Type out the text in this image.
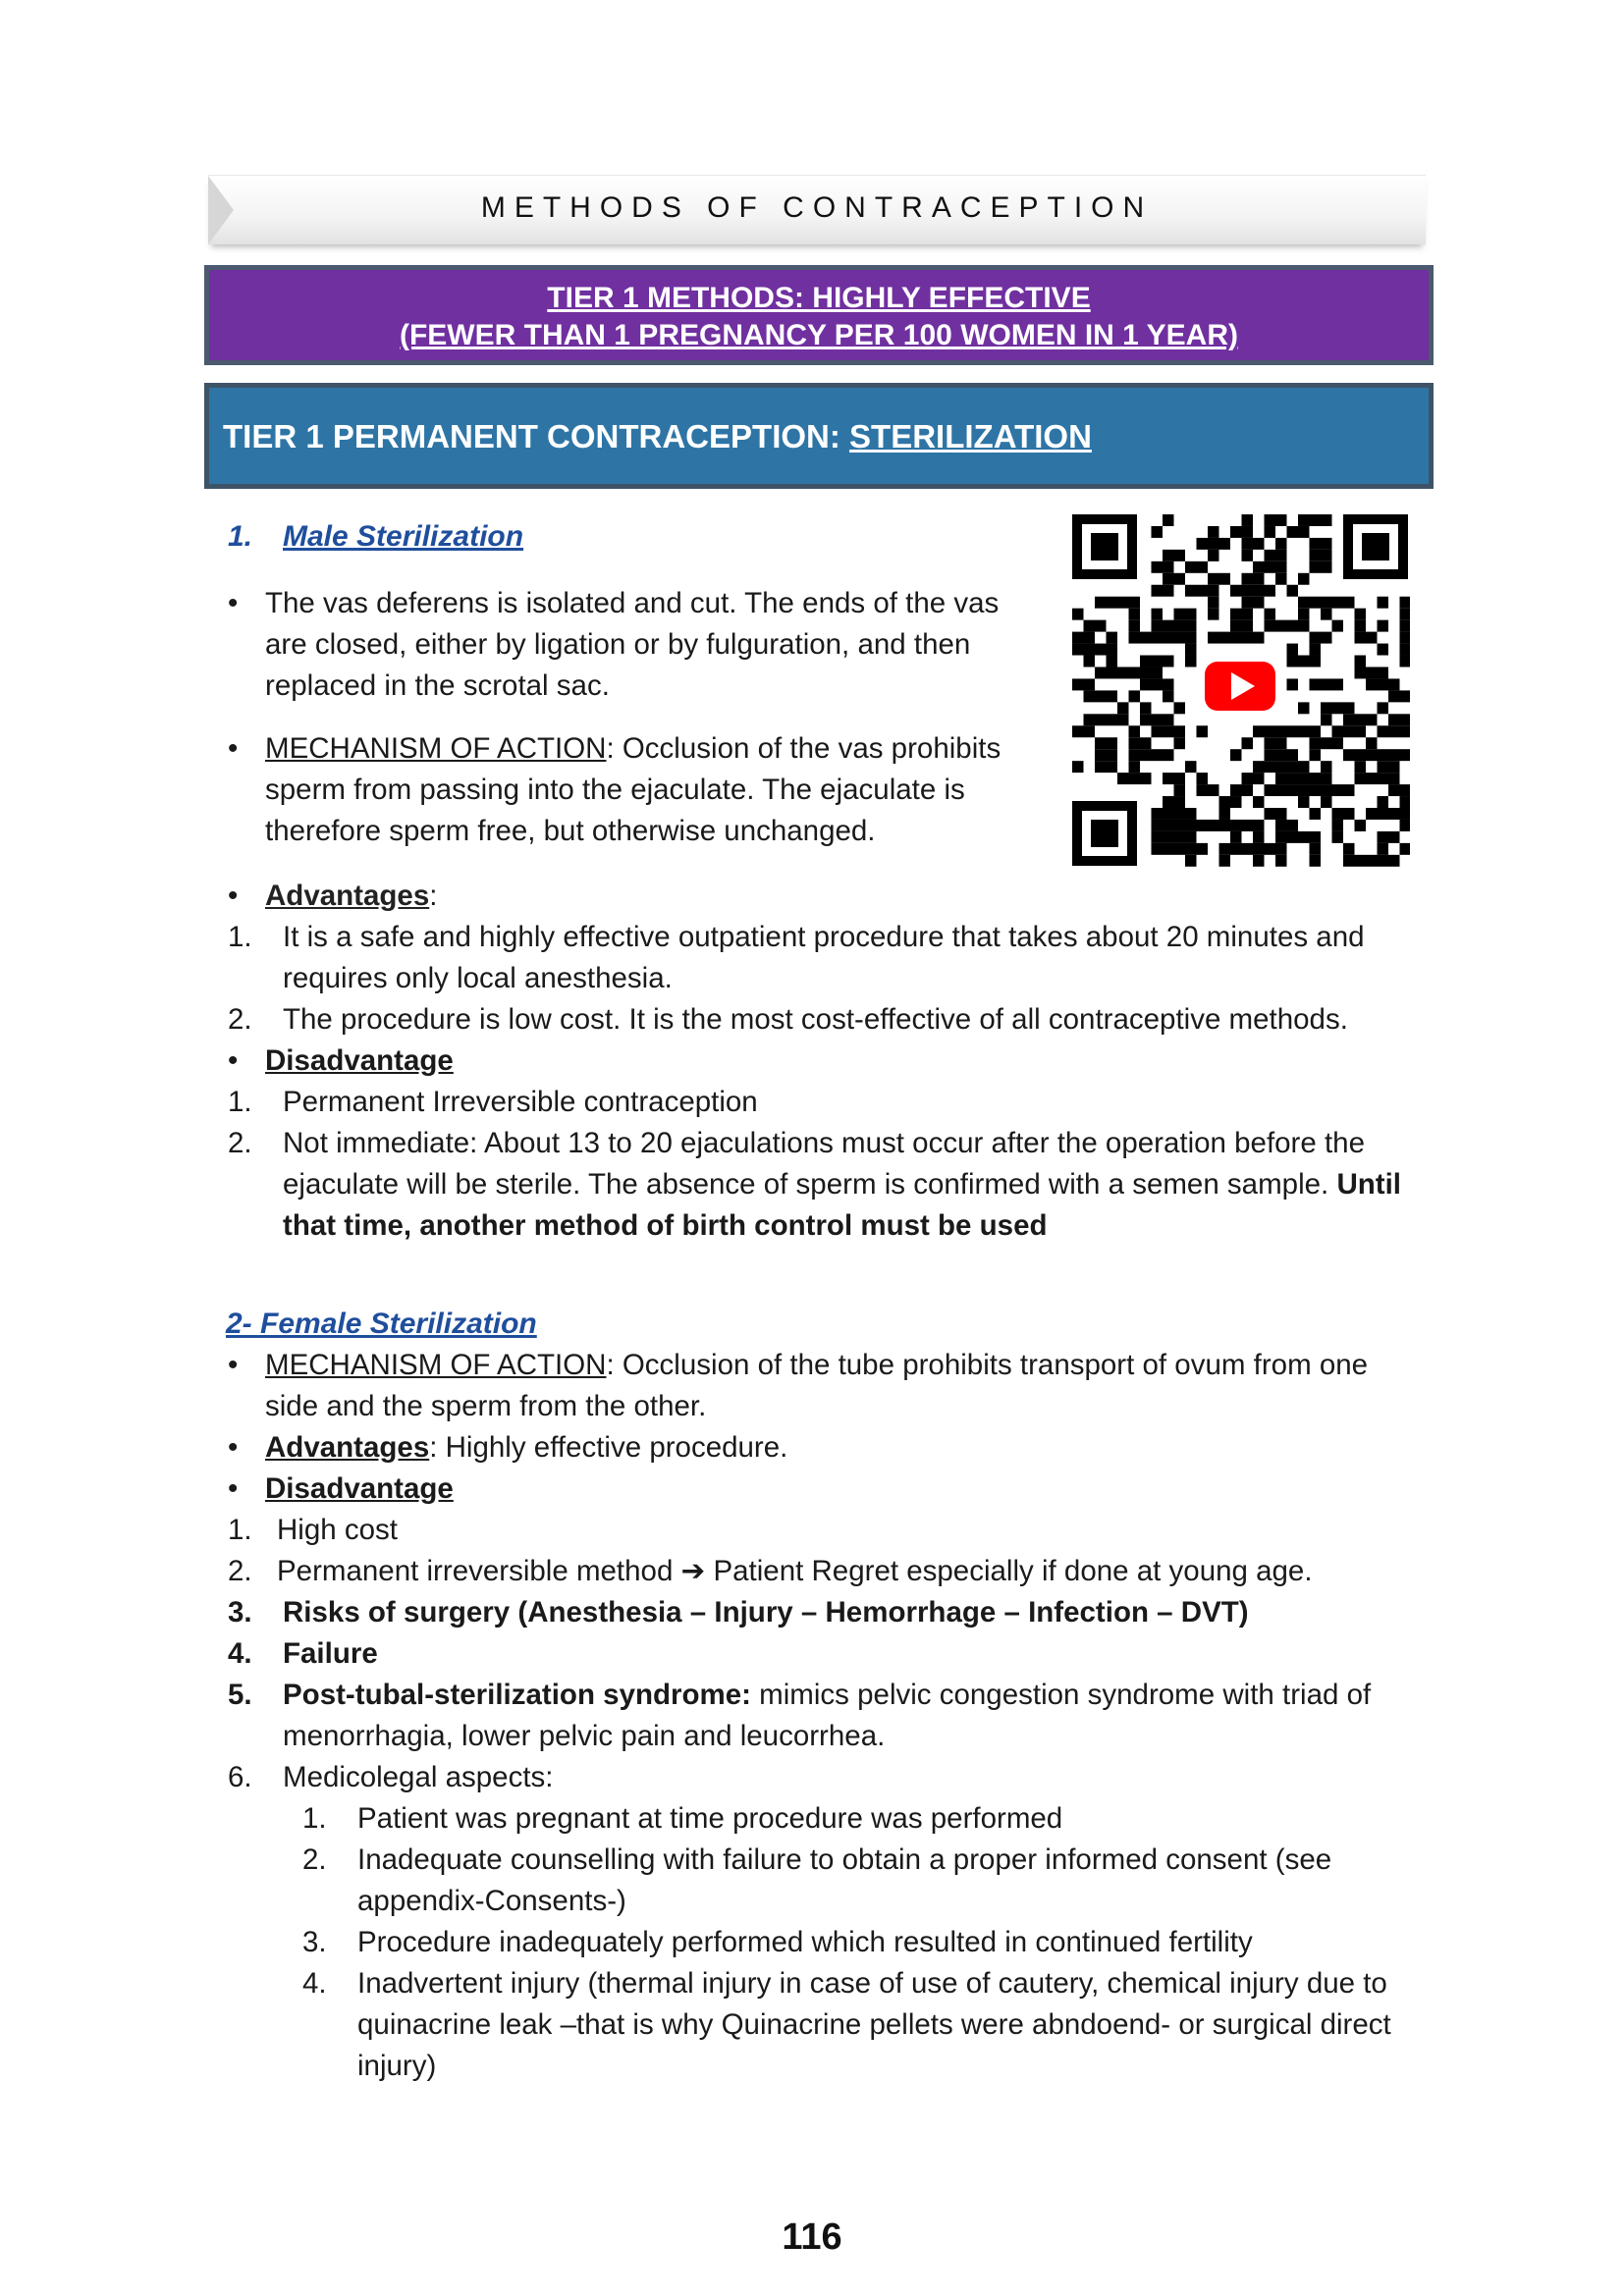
METHODS OF CONTRACEPTION
TIER 1 METHODS: HIGHLY EFFECTIVE
(FEWER THAN 1 PREGNANCY PER 100 WOMEN IN 1 YEAR)
TIER 1 PERMANENT CONTRACEPTION: STERILIZATION
1. Male Sterilization
• The vas deferens is isolated and cut. The ends of the vas are closed, either by ligation or by fulguration, and then replaced in the scrotal sac.
• MECHANISM OF ACTION: Occlusion of the vas prohibits sperm from passing into the ejaculate. The ejaculate is therefore sperm free, but otherwise unchanged.
• Advantages:
1. It is a safe and highly effective outpatient procedure that takes about 20 minutes and requires only local anesthesia.
2. The procedure is low cost. It is the most cost-effective of all contraceptive methods.
• Disadvantage
1. Permanent Irreversible contraception
2. Not immediate: About 13 to 20 ejaculations must occur after the operation before the ejaculate will be sterile. The absence of sperm is confirmed with a semen sample. Until that time, another method of birth control must be used
2- Female Sterilization
• MECHANISM OF ACTION: Occlusion of the tube prohibits transport of ovum from one side and the sperm from the other.
• Advantages: Highly effective procedure.
• Disadvantage
1. High cost
2. Permanent irreversible method ➔ Patient Regret especially if done at young age.
3. Risks of surgery (Anesthesia – Injury – Hemorrhage – Infection – DVT)
4. Failure
5. Post-tubal-sterilization syndrome: mimics pelvic congestion syndrome with triad of menorrhagia, lower pelvic pain and leucorrhea.
6. Medicolegal aspects:
1. Patient was pregnant at time procedure was performed
2. Inadequate counselling with failure to obtain a proper informed consent (see appendix-Consents-)
3. Procedure inadequately performed which resulted in continued fertility
4. Inadvertent injury (thermal injury in case of use of cautery, chemical injury due to quinacrine leak –that is why Quinacrine pellets were abndoend- or surgical direct injury)
116
